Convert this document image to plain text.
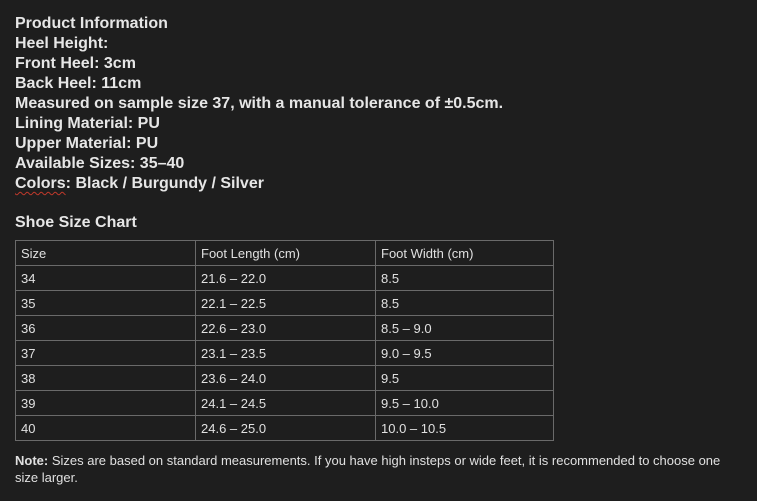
Product Information
Heel Height:
Front Heel: 3cm
Back Heel: 11cm
Measured on sample size 37, with a manual tolerance of ±0.5cm.
Lining Material: PU
Upper Material: PU
Available Sizes: 35–40
Colors: Black / Burgundy / Silver
Shoe Size Chart
Size	Foot Length (cm)	Foot Width (cm)
34	21.6 – 22.0	8.5
35	22.1 – 22.5	8.5
36	22.6 – 23.0	8.5 – 9.0
37	23.1 – 23.5	9.0 – 9.5
38	23.6 – 24.0	9.5
39	24.1 – 24.5	9.5 – 10.0
40	24.6 – 25.0	10.0 – 10.5
Note: Sizes are based on standard measurements. If you have high insteps or wide feet, it is recommended to choose one size larger.
